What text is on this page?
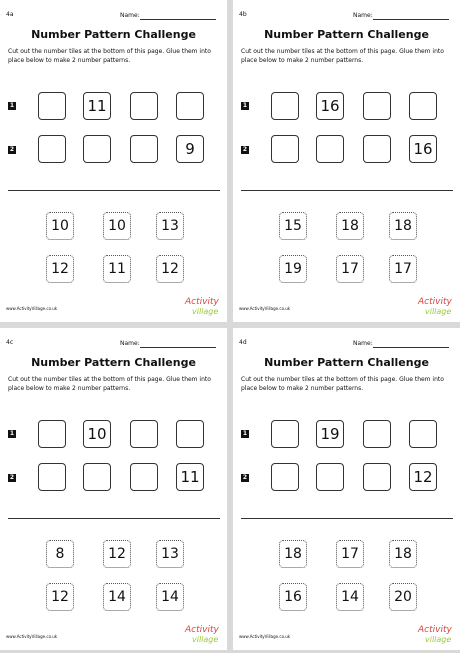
4a	Name:
Number Pattern Challenge
Cut out the number tiles at the bottom of this page. Glue them into place below to make 2 number patterns.
1
2
11
9
10	10	13
12	11	12
www.ActivityVillage.co.uk
Activity
village
4b	Name:
Number Pattern Challenge
Cut out the number tiles at the bottom of this page. Glue them into place below to make 2 number patterns.
1
2
16
16
15	18	18
19	17	17
www.ActivityVillage.co.uk
Activity
village
4c	Name:
Number Pattern Challenge
Cut out the number tiles at the bottom of this page. Glue them into place below to make 2 number patterns.
1
2
10
11
8	12	13
12	14	14
www.ActivityVillage.co.uk
Activity
village
4d	Name:
Number Pattern Challenge
Cut out the number tiles at the bottom of this page. Glue them into place below to make 2 number patterns.
1
2
19
12
18	17	18
16	14	20
www.ActivityVillage.co.uk
Activity
village
